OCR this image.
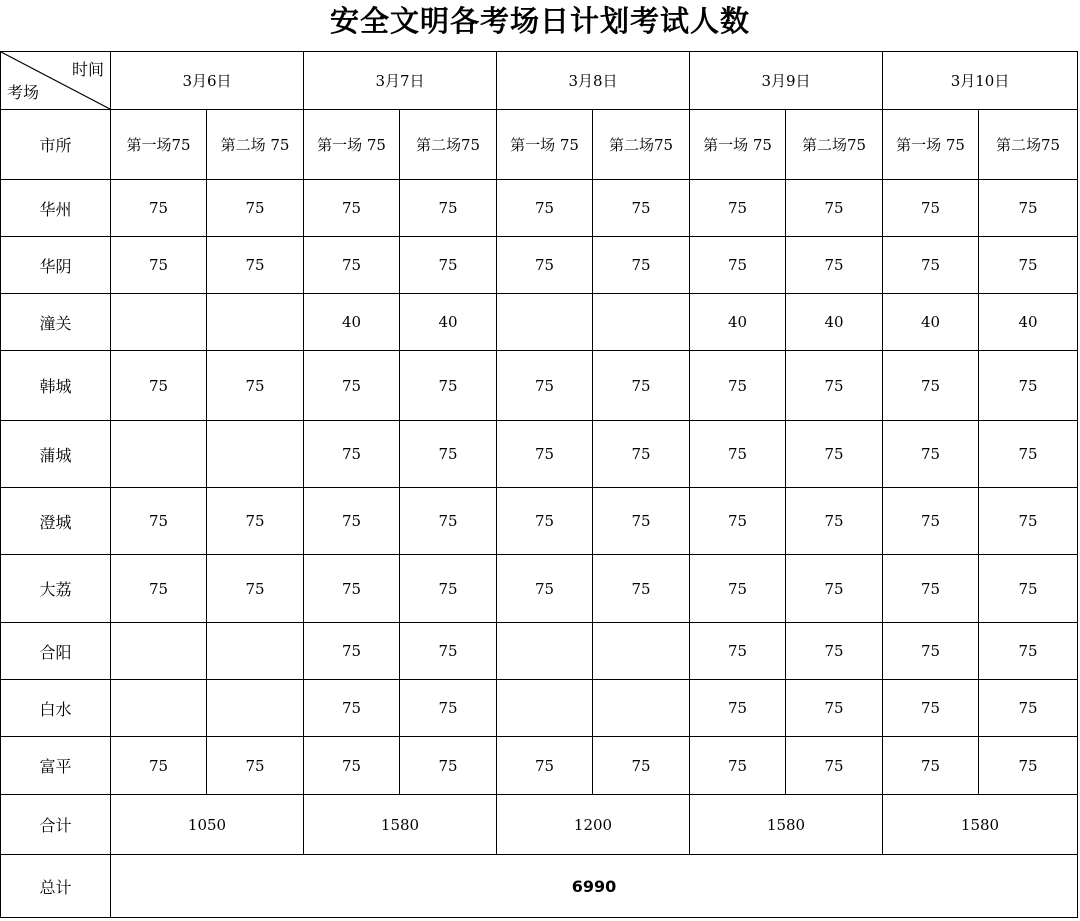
安全文明各考场日计划考试人数
时间
考场	3月6日		3月7日		3月8日		3月9日		3月10日	
市所	第一场75	第二场 75	第一场 75	第二场75	第一场 75	第二场75	第一场 75	第二场75	第一场 75	第二场75
华州	75	75	75	75	75	75	75	75	75	75
华阴	75	75	75	75	75	75	75	75	75	75
潼关			40	40			40	40	40	40
韩城	75	75	75	75	75	75	75	75	75	75
蒲城			75	75	75	75	75	75	75	75
澄城	75	75	75	75	75	75	75	75	75	75
大荔	75	75	75	75	75	75	75	75	75	75
合阳			75	75			75	75	75	75
白水			75	75			75	75	75	75
富平	75	75	75	75	75	75	75	75	75	75
合计	1050		1580		1200		1580		1580	
总计	6990									
